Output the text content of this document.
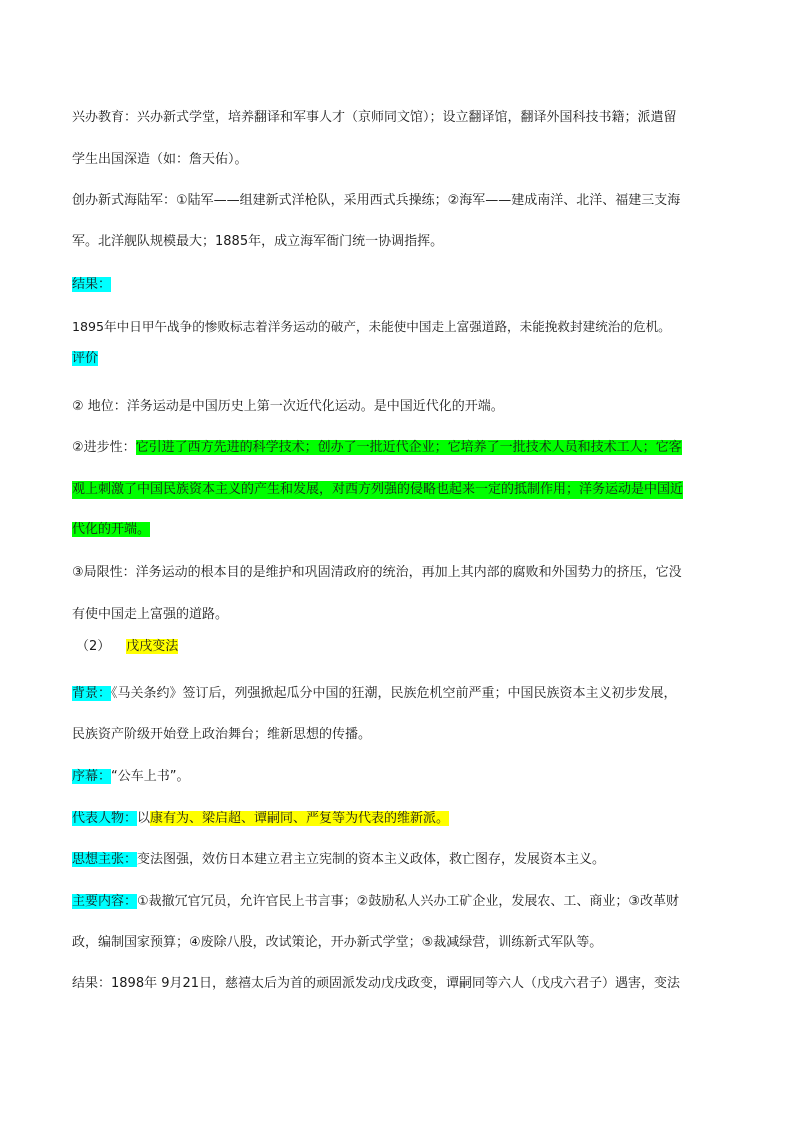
兴办教育：兴办新式学堂，培养翻译和军事人才（京师同文馆）；设立翻译馆，翻译外国科技书籍；派遣留
学生出国深造（如：詹天佑）。
创办新式海陆军：①陆军——组建新式洋枪队，采用西式兵操练；②海军——建成南洋、北洋、福建三支海
军。北洋舰队规模最大；1885年，成立海军衙门统一协调指挥。
结果：
1895年中日甲午战争的惨败标志着洋务运动的破产，未能使中国走上富强道路，未能挽救封建统治的危机。
评价
② 地位：洋务运动是中国历史上第一次近代化运动。是中国近代化的开端。
②进步性：它引进了西方先进的科学技术；创办了一批近代企业；它培养了一批技术人员和技术工人；它客
观上刺激了中国民族资本主义的产生和发展，对西方列强的侵略也起来一定的抵制作用；洋务运动是中国近
代化的开端。
③局限性：洋务运动的根本目的是维护和巩固清政府的统治，再加上其内部的腐败和外国势力的挤压，它没
有使中国走上富强的道路。
（2） 戊戌变法
背景：《马关条约》签订后，列强掀起瓜分中国的狂潮，民族危机空前严重；中国民族资本主义初步发展，
民族资产阶级开始登上政治舞台；维新思想的传播。
序幕：“公车上书”。
代表人物：以康有为、梁启超、谭嗣同、严复等为代表的维新派。
思想主张：变法图强，效仿日本建立君主立宪制的资本主义政体，救亡图存，发展资本主义。
主要内容：①裁撤冗官冗员，允许官民上书言事；②鼓励私人兴办工矿企业，发展农、工、商业；③改革财
政，编制国家预算；④废除八股，改试策论，开办新式学堂；⑤裁减绿营，训练新式军队等。
结果：1898年 9月21日，慈禧太后为首的顽固派发动戊戌政变，谭嗣同等六人（戊戌六君子）遇害，变法
